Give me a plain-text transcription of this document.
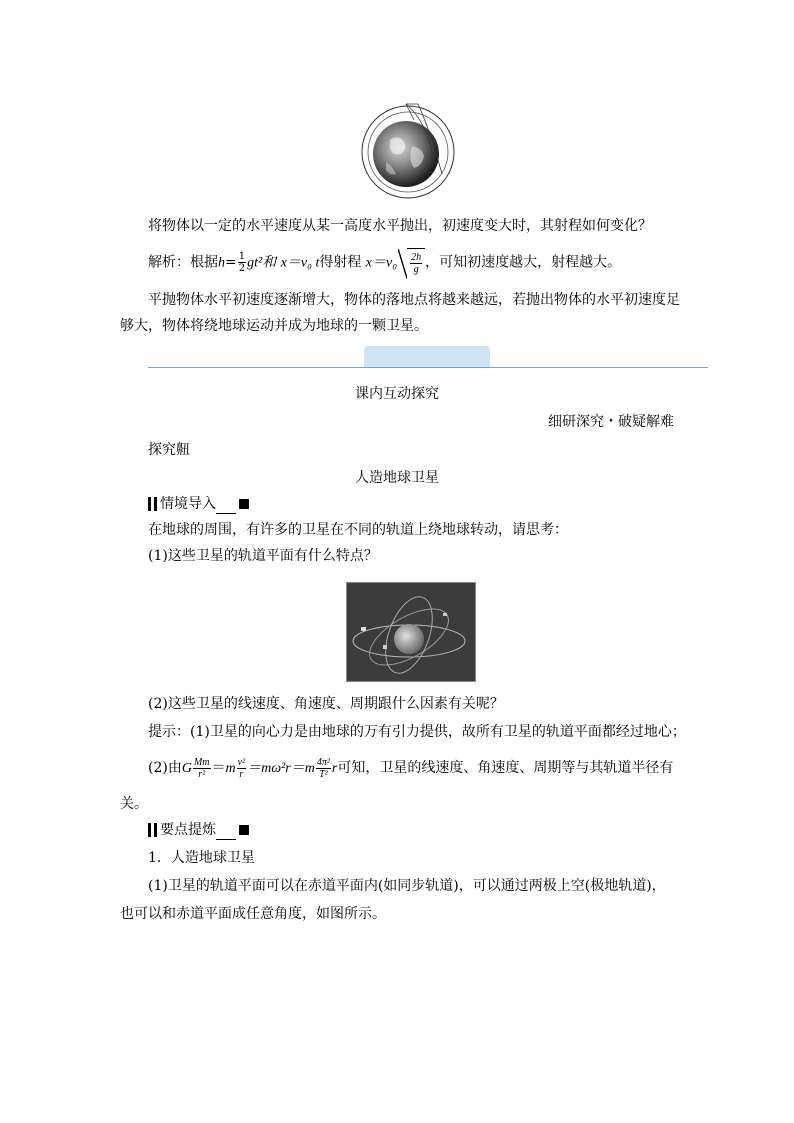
将物体以一定的水平速度从某一高度水平抛出，初速度变大时，其射程如何变化？
解析：根据$h= \frac{1}{2} gt^2$和 x＝v₀ t得射程 $x=v_0 \frac{2h}{g}$ ，可知初速度越大，射程越大。
平抛物体水平初速度逐渐增大，物体的落地点将越来越远，若抛出物体的水平初速度足
够大，物体将绕地球运动并成为地球的一颗卫星。
课内互动探究
细研深究・破疑解难
探究䶊
人造地球卫星
情境导入
在地球的周围，有许多的卫星在不同的轨道上绕地球转动，请思考：
(1)这些卫星的轨道平面有什么特点？
(2)这些卫星的线速度、角速度、周期跟什么因素有关呢？
提示：(1)卫星的向心力是由地球的万有引力提供，故所有卫星的轨道平面都经过地心；
(2)由G $\frac{Mm}{\text{r²}} =m \frac{\text{v²}}{r} =m\omega^2r=m \frac{\text{4π²}}{\text{T²}}$ r可知，卫星的线速度、角速度、周期等与其轨道半径有
关。
要点提炼
1．人造地球卫星
(1)卫星的轨道平面可以在赤道平面内(如同步轨道)，可以通过两极上空(极地轨道)，
也可以和赤道平面成任意角度，如图所示。
